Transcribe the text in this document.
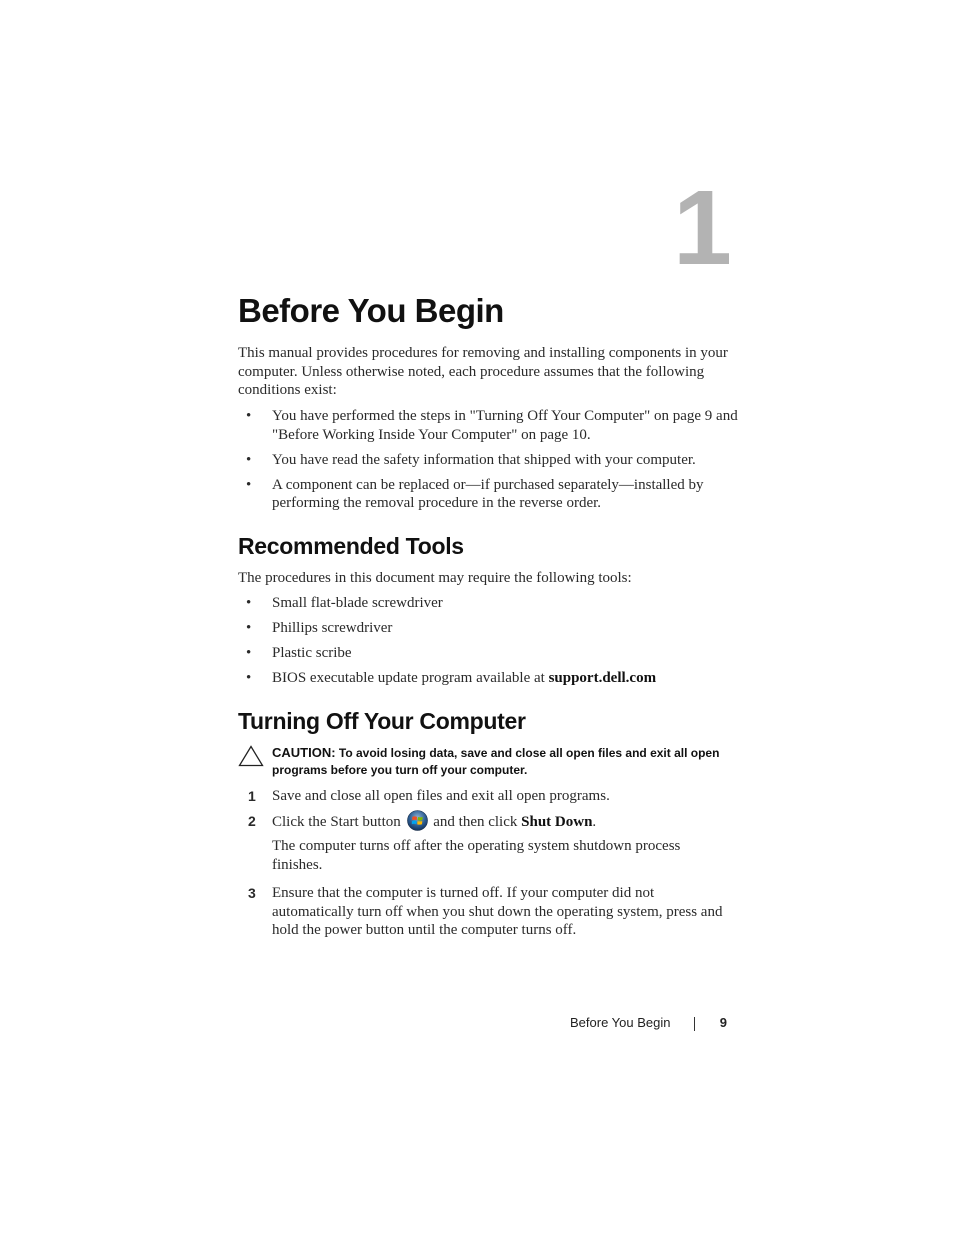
1
Before You Begin

This manual provides procedures for removing and installing components in your computer. Unless otherwise noted, each procedure assumes that the following conditions exist:

• You have performed the steps in "Turning Off Your Computer" on page 9 and "Before Working Inside Your Computer" on page 10.
• You have read the safety information that shipped with your computer.
• A component can be replaced or—if purchased separately—installed by performing the removal procedure in the reverse order.
Recommended Tools

The procedures in this document may require the following tools:

• Small flat-blade screwdriver
• Phillips screwdriver
• Plastic scribe
• BIOS executable update program available at support.dell.com
Turning Off Your Computer
CAUTION: To avoid losing data, save and close all open files and exit all open programs before you turn off your computer.
1 Save and close all open files and exit all open programs.
2 Click the Start button  and then click Shut Down.

The computer turns off after the operating system shutdown process finishes.

3 Ensure that the computer is turned off. If your computer did not automatically turn off when you shut down the operating system, press and hold the power button until the computer turns off.
Before You Begin	9
